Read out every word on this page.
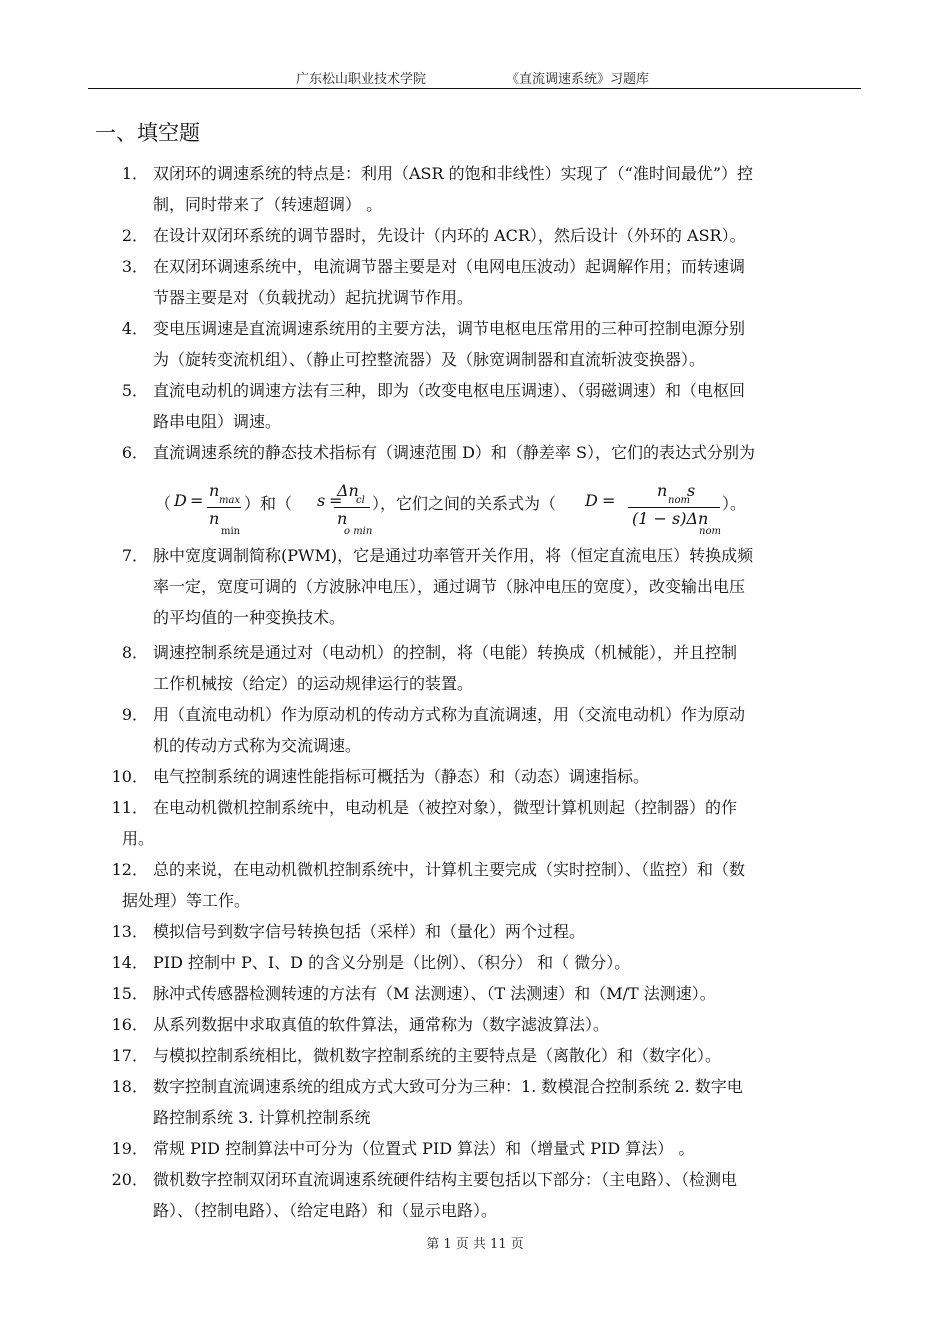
广东松山职业技术学院	《直流调速系统》习题库
一、填空题
1． 双闭环的调速系统的特点是：利用（ASR 的饱和非线性）实现了（“准时间最优”）控
制，同时带来了（转速超调） 。
2． 在设计双闭环系统的调节器时，先设计（内环的 ACR），然后设计（外环的 ASR）。
3． 在双闭环调速系统中，电流调节器主要是对（电网电压波动）起调解作用；而转速调
节器主要是对（负载扰动）起抗扰调节作用。
4． 变电压调速是直流调速系统用的主要方法，调节电枢电压常用的三种可控制电源分别
为（旋转变流机组）、（静止可控整流器）及（脉宽调制器和直流斩波变换器）。
5． 直流电动机的调速方法有三种，即为（改变电枢电压调速）、（弱磁调速）和（电枢回
路串电阻）调速。
6． 直流调速系统的静态技术指标有（调速范围 D）和（静差率 S），它们的表达式分别为
7． 脉中宽度调制简称(PWM)，它是通过功率管开关作用，将（恒定直流电压）转换成频
率一定，宽度可调的（方波脉冲电压），通过调节（脉冲电压的宽度），改变输出电压
的平均值的一种变换技术。
8． 调速控制系统是通过对（电动机）的控制，将（电能）转换成（机械能），并且控制
工作机械按（给定）的运动规律运行的装置。
9． 用（直流电动机）作为原动机的传动方式称为直流调速，用（交流电动机）作为原动
机的传动方式称为交流调速。
10． 电气控制系统的调速性能指标可概括为（静态）和（动态）调速指标。
11． 在电动机微机控制系统中，电动机是（被控对象），微型计算机则起（控制器）的作
用。
12． 总的来说，在电动机微机控制系统中，计算机主要完成（实时控制）、（监控）和（数
据处理）等工作。
13． 模拟信号到数字信号转换包括（采样）和（量化）两个过程。
14． PID 控制中 P、I、D 的含义分别是（比例）、（积分） 和（ 微分）。
15． 脉冲式传感器检测转速的方法有（M 法测速）、（T 法测速）和（M/T 法测速）。
16． 从系列数据中求取真值的软件算法，通常称为（数字滤波算法）。
17． 与模拟控制系统相比，微机数字控制系统的主要特点是（离散化）和（数字化）。
18． 数字控制直流调速系统的组成方式大致可分为三种：1. 数模混合控制系统 2. 数字电
路控制系统 3. 计算机控制系统
19． 常规 PID 控制算法中可分为（位置式 PID 算法）和（增量式 PID 算法） 。
20． 微机数字控制双闭环直流调速系统硬件结构主要包括以下部分：（主电路）、（检测电
路）、（控制电路）、（给定电路）和（显示电路）。
（ D =
n
max
n
min
）和（ s =
Δn
cl
n
o min
），它们之间的关系式为（ D =
n s
nom
(1 − s)Δn
nom
）。
第 1 页 共 11 页
